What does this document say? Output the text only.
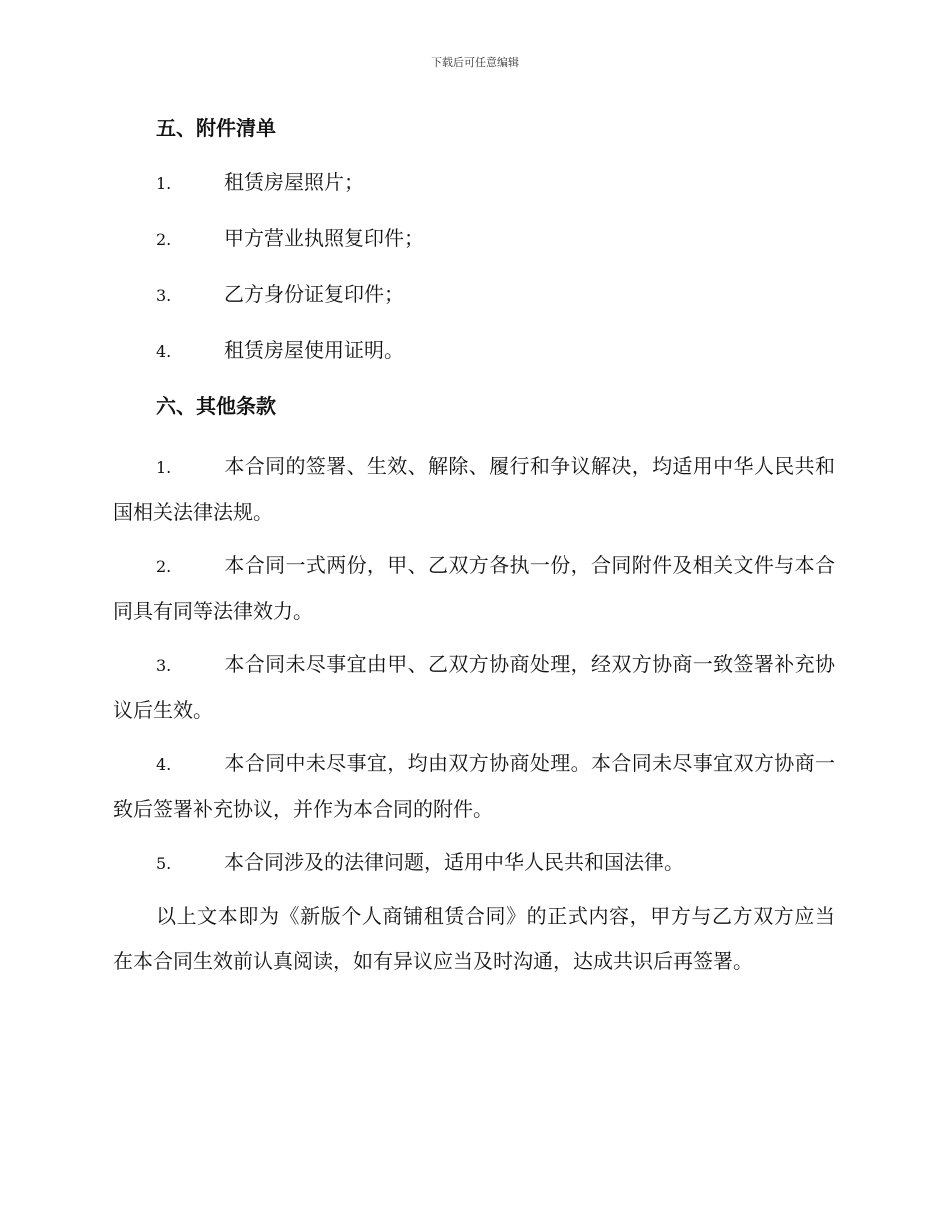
下载后可任意编辑
五、附件清单
1.	租赁房屋照片；
2.	甲方营业执照复印件；
3.	乙方身份证复印件；
4.	租赁房屋使用证明。
六、其他条款

1.	本合同的签署、生效、解除、履行和争议解决，均适用中华人民共和国相关法律法规。

2.	本合同一式两份，甲、乙双方各执一份，合同附件及相关文件与本合同具有同等法律效力。

3.	本合同未尽事宜由甲、乙双方协商处理，经双方协商一致签署补充协议后生效。

4.	本合同中未尽事宜，均由双方协商处理。本合同未尽事宜双方协商一致后签署补充协议，并作为本合同的附件。

5.	本合同涉及的法律问题，适用中华人民共和国法律。

以上文本即为《新版个人商铺租赁合同》的正式内容，甲方与乙方双方应当在本合同生效前认真阅读，如有异议应当及时沟通，达成共识后再签署。
